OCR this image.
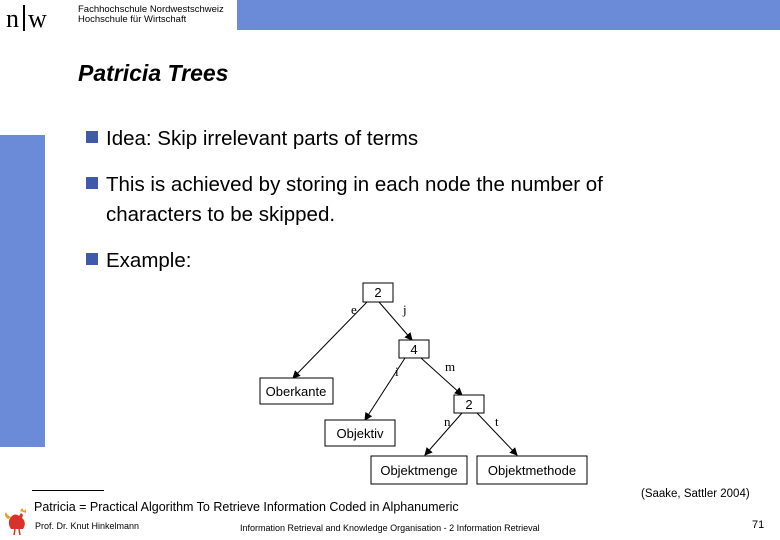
n w	Fachhochschule Nordwestschweiz
Hochschule für Wirtschaft
Patricia Trees
Idea: Skip irrelevant parts of terms
This is achieved by storing in each node the number of
characters to be skipped.
Example:
2
4
2
Oberkante
Objektiv
Objektmenge Objektmethode
e	j
i	m
n	t
Patricia = Practical Algorithm To Retrieve Information Coded in Alphanumeric
(Saake, Sattler 2004)
Prof. Dr. Knut Hinkelmann	Information Retrieval and Knowledge Organisation - 2 Information Retrieval	71
